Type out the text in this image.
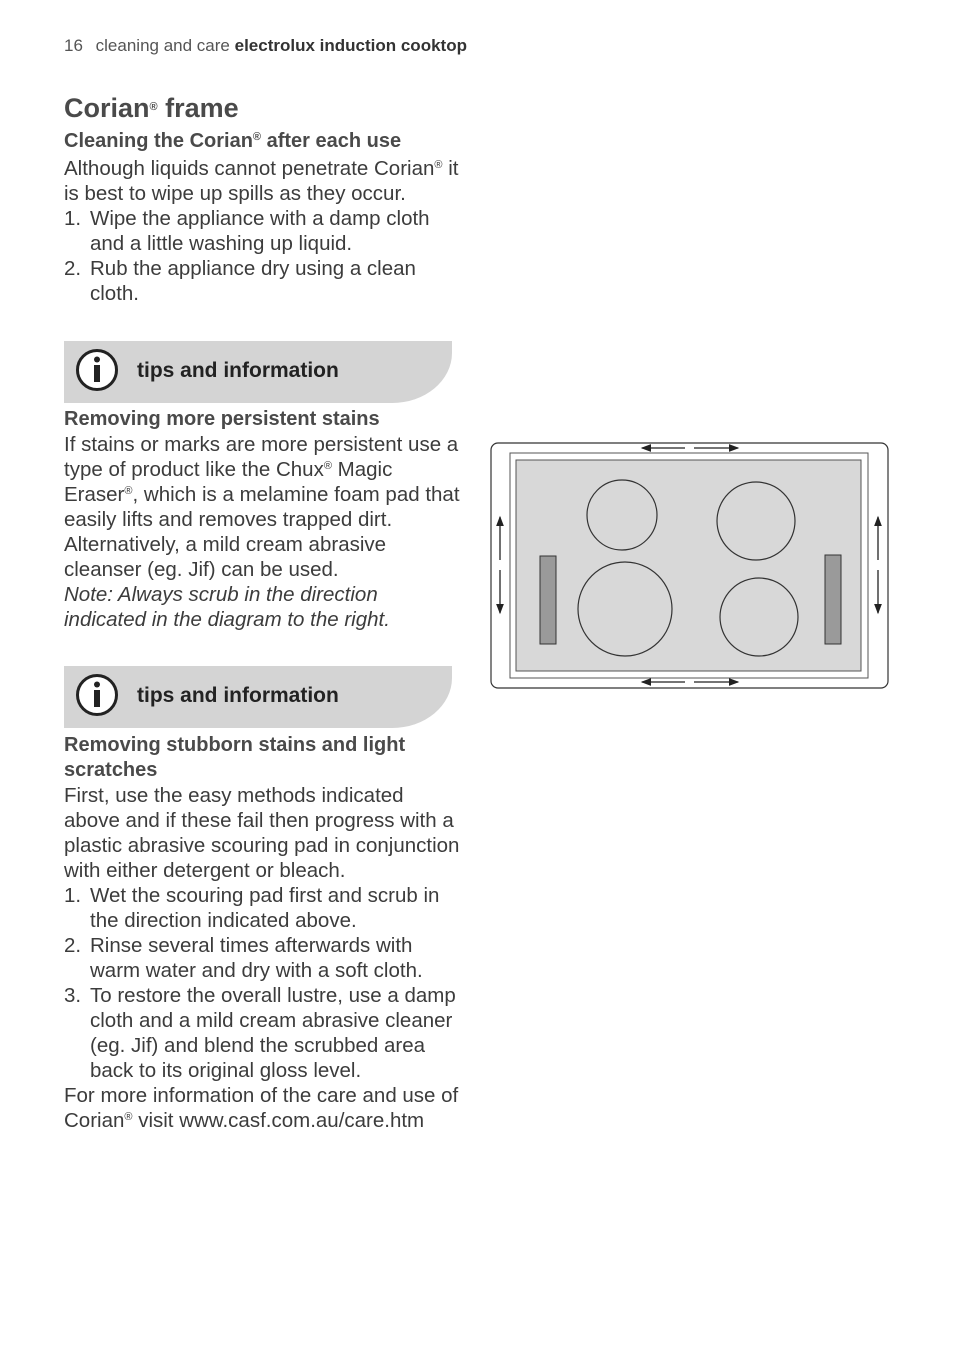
16 cleaning and care electrolux induction cooktop
Corian® frame
Cleaning the Corian® after each use

Although liquids cannot penetrate Corian® it is best to wipe up spills as they occur.

1. Wipe the appliance with a damp cloth and a little washing up liquid.
2. Rub the appliance dry using a clean cloth.
tips and information
Removing more persistent stains

If stains or marks are more persistent use a type of product like the Chux® Magic Eraser®, which is a melamine foam pad that easily lifts and removes trapped dirt. Alternatively, a mild cream abrasive cleanser (eg. Jif) can be used.

Note: Always scrub in the direction indicated in the diagram to the right.

tips and information
Removing stubborn stains and light scratches

First, use the easy methods indicated above and if these fail then progress with a plastic abrasive scouring pad in conjunction with either detergent or bleach.

1. Wet the scouring pad first and scrub in the direction indicated above.
2. Rinse several times afterwards with warm water and dry with a soft cloth.
3. To restore the overall lustre, use a damp cloth and a mild cream abrasive cleaner (eg. Jif) and blend the scrubbed area back to its original gloss level.

For more information of the care and use of Corian® visit www.casf.com.au/care.htm
